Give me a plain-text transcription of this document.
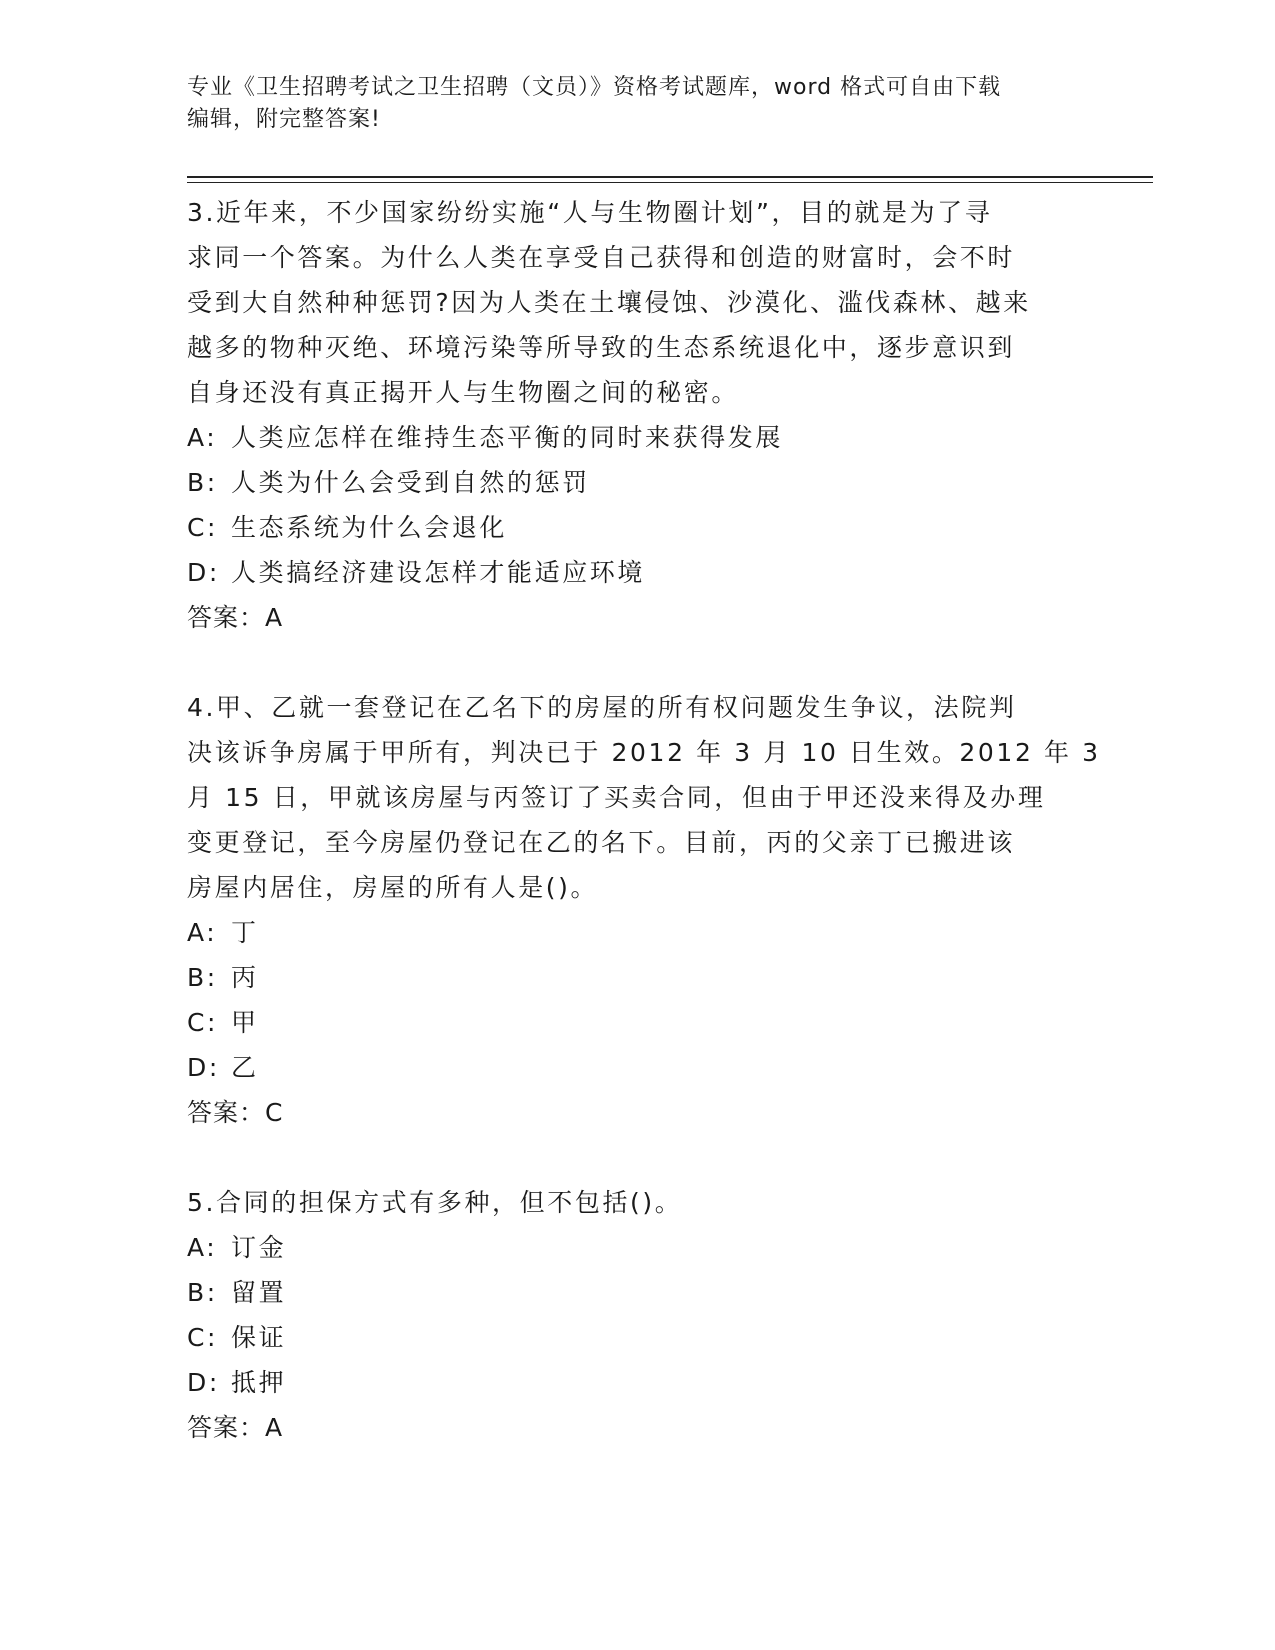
专业《卫生招聘考试之卫生招聘（文员）》资格考试题库，word 格式可自由下载
编辑，附完整答案!
3.近年来，不少国家纷纷实施“人与生物圈计划”，目的就是为了寻
求同一个答案。为什么人类在享受自己获得和创造的财富时，会不时
受到大自然种种惩罚?因为人类在土壤侵蚀、沙漠化、滥伐森林、越来
越多的物种灭绝、环境污染等所导致的生态系统退化中，逐步意识到
自身还没有真正揭开人与生物圈之间的秘密。
A: 人类应怎样在维持生态平衡的同时来获得发展
B: 人类为什么会受到自然的惩罚
C: 生态系统为什么会退化
D: 人类搞经济建设怎样才能适应环境
答案：A
4.甲、乙就一套登记在乙名下的房屋的所有权问题发生争议，法院判
决该诉争房属于甲所有，判决已于 2012 年 3 月 10 日生效。2012 年 3
月 15 日，甲就该房屋与丙签订了买卖合同，但由于甲还没来得及办理
变更登记，至今房屋仍登记在乙的名下。目前，丙的父亲丁已搬进该
房屋内居住，房屋的所有人是()。
A: 丁
B: 丙
C: 甲
D: 乙
答案：C
5.合同的担保方式有多种，但不包括()。
A: 订金
B: 留置
C: 保证
D: 抵押
答案：A
